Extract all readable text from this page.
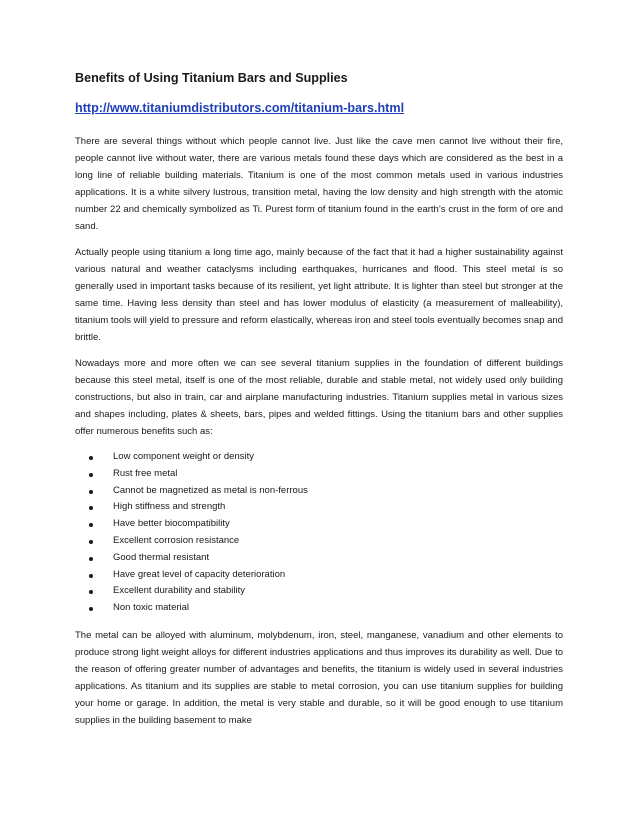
Benefits of Using Titanium Bars and Supplies
http://www.titaniumdistributors.com/titanium-bars.html

There are several things without which people cannot live. Just like the cave men cannot live without their fire, people cannot live without water, there are various metals found these days which are considered as the best in a long line of reliable building materials. Titanium is one of the most common metals used in various industries applications. It is a white silvery lustrous, transition metal, having the low density and high strength with the atomic number 22 and chemically symbolized as Ti. Purest form of titanium found in the earth’s crust in the form of ore and sand.

Actually people using titanium a long time ago, mainly because of the fact that it had a higher sustainability against various natural and weather cataclysms including earthquakes, hurricanes and flood. This steel metal is so generally used in important tasks because of its resilient, yet light attribute. It is lighter than steel but stronger at the same time. Having less density than steel and has lower modulus of elasticity (a measurement of malleability), titanium tools will yield to pressure and reform elastically, whereas iron and steel tools eventually becomes snap and brittle.

Nowadays more and more often we can see several titanium supplies in the foundation of different buildings because this steel metal, itself is one of the most reliable, durable and stable metal, not widely used only building constructions, but also in train, car and airplane manufacturing industries. Titanium supplies metal in various sizes and shapes including, plates & sheets, bars, pipes and welded fittings. Using the titanium bars and other supplies offer numerous benefits such as:

Low component weight or density
Rust free metal
Cannot be magnetized as metal is non-ferrous
High stiffness and strength
Have better biocompatibility
Excellent corrosion resistance
Good thermal resistant
Have great level of capacity deterioration
Excellent durability and stability
Non toxic material

The metal can be alloyed with aluminum, molybdenum, iron, steel, manganese, vanadium and other elements to produce strong light weight alloys for different industries applications and thus improves its durability as well. Due to the reason of offering greater number of advantages and benefits, the titanium is widely used in several industries applications. As titanium and its supplies are stable to metal corrosion, you can use titanium supplies for building your home or garage. In addition, the metal is very stable and durable, so it will be good enough to use titanium supplies in the building basement to make
